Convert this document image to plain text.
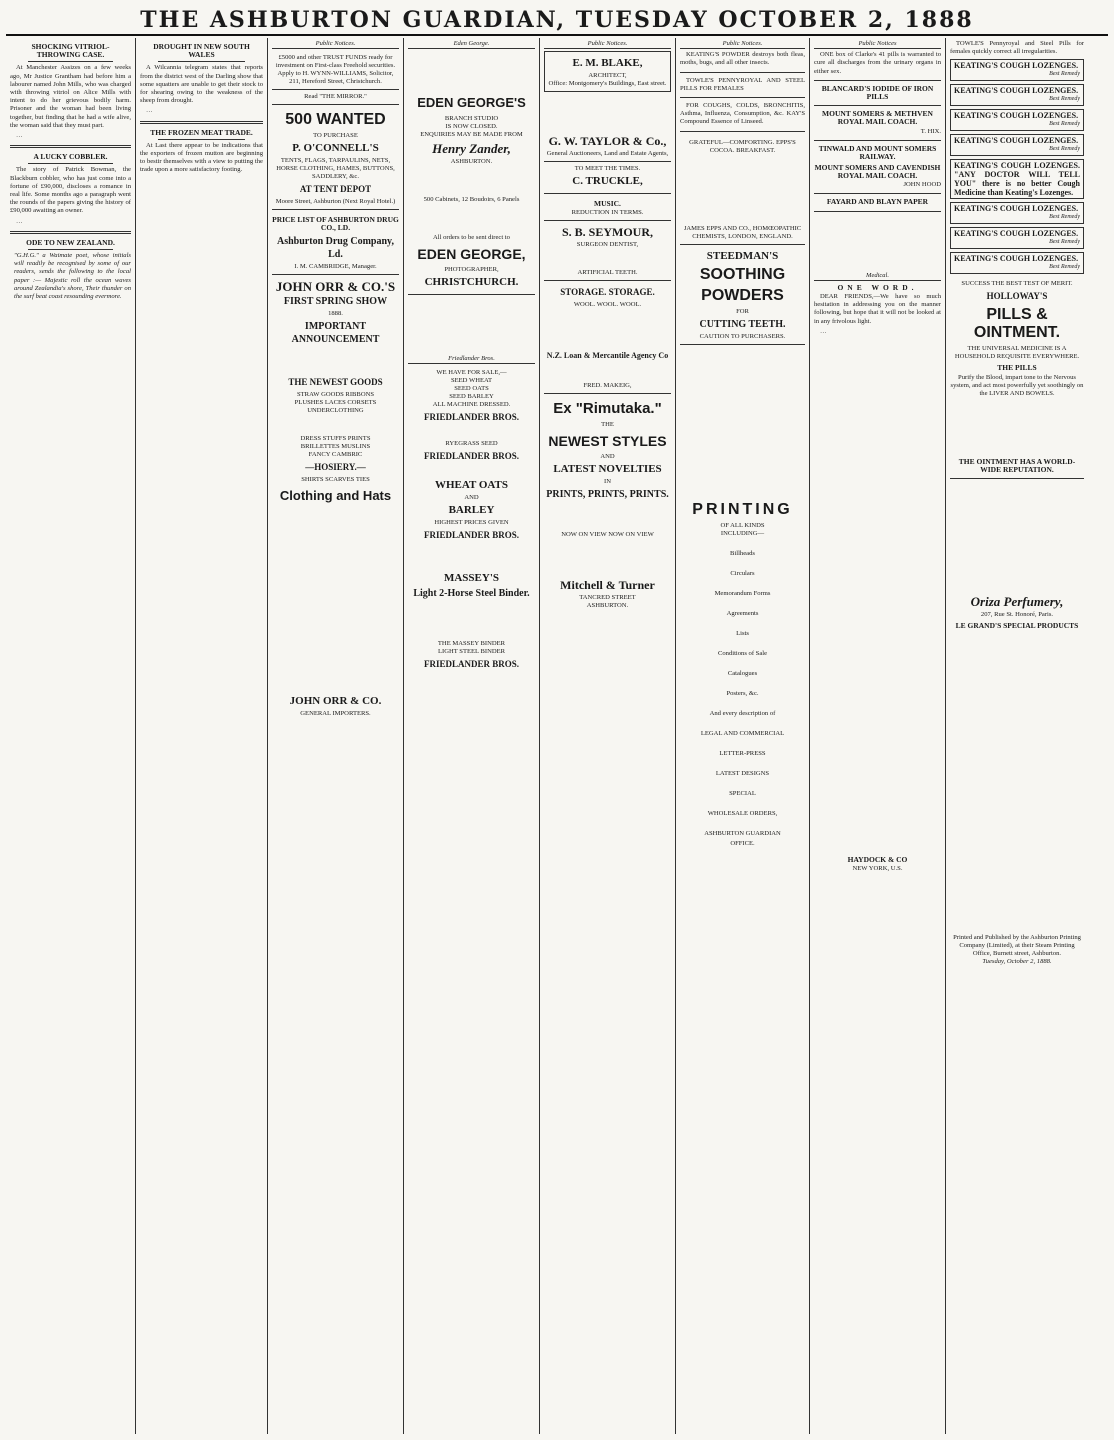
THE ASHBURTON GUARDIAN, TUESDAY OCTOBER 2, 1888
SHOCKING VITRIOL-THROWING CASE.

At Manchester Assizes on a few weeks ago, Mr Justice Grantham had before him a labourer named John Mills, who was charged with throwing vitriol on Alice Mills with intent to do her grievous bodily harm. Prisoner and the woman had been living together, but finding that he had a wife alive, the woman said that they must part.

…

A LUCKY COBBLER.

The story of Patrick Bowman, the Blackburn cobbler, who has just come into a fortune of £90,000, discloses a romance in real life. Some months ago a paragraph went the rounds of the papers giving the history of £90,000 awaiting an owner.

…

ODE TO NEW ZEALAND.

"G.H.G." a Waimate poet, whose initials will readily be recognised by some of our readers, sends the following to the local paper :— Majestic roll the ocean waves around Zealandia's shore, Their thunder on the surf beat coast resounding evermore.

DROUGHT IN NEW SOUTH WALES

A Wilcannia telegram states that reports from the district west of the Darling show that some squatters are unable to get their stock to for shearing owing to the weakness of the sheep from drought.

…

THE FROZEN MEAT TRADE.

At Last there appear to be indications that the exporters of frozen mutton are beginning to bestir themselves with a view to putting the trade upon a more satisfactory footing.

Public Notices.
£5000 and other TRUST FUNDS ready for investment on First-class Freehold securities. Apply to H. WYNN-WILLIAMS, Solicitor, 211, Hereford Street, Christchurch.
Read "THE MIRROR."
500 WANTED
TO PURCHASE
P. O'CONNELL'S
TENTS, FLAGS, TARPAULINS, NETS, HORSE CLOTHING, HAMES, BUTTONS, SADDLERY, &c.
AT TENT DEPOT
Moore Street, Ashburton (Next Royal Hotel.)
PRICE LIST OF ASHBURTON DRUG CO., LD.
Ashburton Drug Company, Ld.
I. M. CAMBRIDGE, Manager.
JOHN ORR & CO.'S
FIRST SPRING SHOW
1888.
IMPORTANT ANNOUNCEMENT
THE NEWEST GOODS
STRAW GOODS RIBBONS
PLUSHES LACES CORSETS
UNDERCLOTHING
DRESS STUFFS PRINTS
BRILLETTES MUSLINS
FANCY CAMBRIC
—HOSIERY.—
SHIRTS SCARVES TIES
Clothing and Hats
JOHN ORR & CO.
GENERAL IMPORTERS.
Eden George.
EDEN GEORGE'S
BRANCH STUDIO
IS NOW CLOSED.
ENQUIRIES MAY BE MADE FROM
Henry Zander,
ASHBURTON.
500 Cabinets, 12 Boudoirs, 6 Panels
All orders to be sent direct to
EDEN GEORGE,
PHOTOGRAPHER,
CHRISTCHURCH.
Friedlander Bros.
WE HAVE FOR SALE,—
SEED WHEAT
SEED OATS
SEED BARLEY
ALL MACHINE DRESSED.
FRIEDLANDER BROS.
RYEGRASS SEED
FRIEDLANDER BROS.
WHEAT OATS
AND
BARLEY
HIGHEST PRICES GIVEN
FRIEDLANDER BROS.
MASSEY'S
Light 2-Horse Steel Binder.
THE MASSEY BINDER
LIGHT STEEL BINDER
FRIEDLANDER BROS.
Public Notices.
E. M. BLAKE,
ARCHITECT,
Office: Montgomery's Buildings, East street.
G. W. TAYLOR & Co.,
General Auctioneers, Land and Estate Agents,
TO MEET THE TIMES.
C. TRUCKLE,
MUSIC.
REDUCTION IN TERMS.
S. B. SEYMOUR,
SURGEON DENTIST,
ARTIFICIAL TEETH.
STORAGE. STORAGE.
WOOL. WOOL. WOOL.
N.Z. Loan & Mercantile Agency Co
FRED. MAKEIG,
Ex "Rimutaka."
THE
NEWEST STYLES
AND
LATEST NOVELTIES
IN
PRINTS, PRINTS, PRINTS.
NOW ON VIEW NOW ON VIEW
Mitchell & Turner
TANCRED STREET
ASHBURTON.
Public Notices.

KEATING'S POWDER destroys both fleas, moths, bugs, and all other insects.

TOWLE'S PENNYROYAL AND STEEL PILLS FOR FEMALES

FOR COUGHS, COLDS, BRONCHITIS, Asthma, Influenza, Consumption, &c. KAY'S Compound Essence of Linseed.

GRATEFUL—COMFORTING. EPPS'S COCOA. BREAKFAST.
JAMES EPPS AND CO., HOMŒOPATHIC CHEMISTS, LONDON, ENGLAND.
STEEDMAN'S
SOOTHING
POWDERS
FOR
CUTTING TEETH.
CAUTION TO PURCHASERS.
PRINTING
OF ALL KINDS
INCLUDING—
Billheads
Circulars
Memorandum Forms
Agreements
Lists
Conditions of Sale
Catalogues
Posters, &c.
And every description of
LEGAL AND COMMERCIAL
LETTER-PRESS
LATEST DESIGNS
SPECIAL
WHOLESALE ORDERS,
ASHBURTON GUARDIAN
OFFICE.
Public Notices

ONE box of Clarke's 41 pills is warranted to cure all discharges from the urinary organs in either sex.

BLANCARD'S IODIDE OF IRON PILLS
MOUNT SOMERS & METHVEN ROYAL MAIL COACH.
T. HIX.
TINWALD AND MOUNT SOMERS RAILWAY.
MOUNT SOMERS AND CAVENDISH ROYAL MAIL COACH.
JOHN HOOD
FAYARD AND BLAYN PAPER
Medical.
ONE WORD.

DEAR FRIENDS,—We have so much hesitation in addressing you on the manner following, but hope that it will not be looked at in any frivolous light.

…

HAYDOCK & CO
NEW YORK, U.S.

TOWLE'S Pennyroyal and Steel Pills for females quickly correct all irregularities.

KEATING'S COUGH LOZENGES.
Best Remedy
KEATING'S COUGH LOZENGES.
Best Remedy
KEATING'S COUGH LOZENGES.
Best Remedy
KEATING'S COUGH LOZENGES.
Best Remedy
KEATING'S COUGH LOZENGES. "ANY DOCTOR WILL TELL YOU" there is no better Cough Medicine than Keating's Lozenges.
KEATING'S COUGH LOZENGES.
Best Remedy
KEATING'S COUGH LOZENGES.
Best Remedy
KEATING'S COUGH LOZENGES.
Best Remedy
SUCCESS THE BEST TEST OF MERIT.
HOLLOWAY'S
PILLS & OINTMENT.
THE UNIVERSAL MEDICINE IS A HOUSEHOLD REQUISITE EVERYWHERE.
THE PILLS
Purify the Blood, impart tone to the Nervous system, and act most powerfully yet soothingly on the LIVER AND BOWELS.
THE OINTMENT HAS A WORLD-WIDE REPUTATION.
Oriza Perfumery,
207, Rue St. Honoré, Paris.
LE GRAND'S SPECIAL PRODUCTS
Printed and Published by the Ashburton Printing Company (Limited), at their Steam Printing Office, Burnett street, Ashburton.
Tuesday, October 2, 1888.
